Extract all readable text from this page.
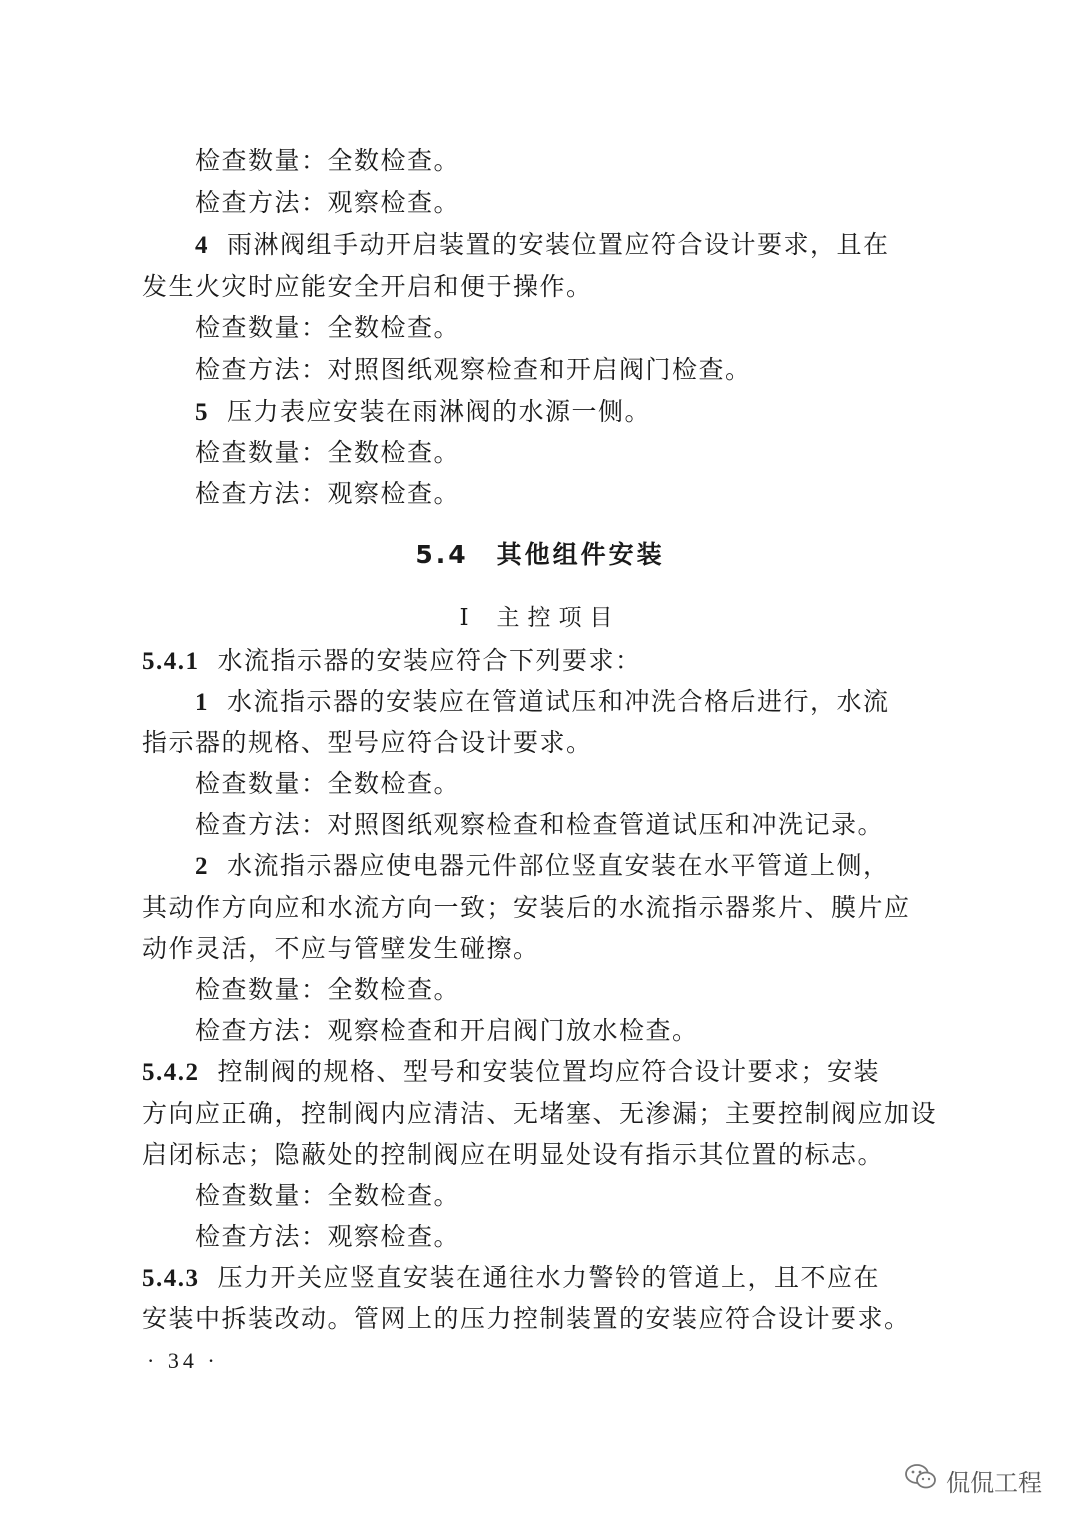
检查数量：全数检查。
检查方法：观察检查。
4 雨淋阀组手动开启装置的安装位置应符合设计要求，且在
发生火灾时应能安全开启和便于操作。
检查数量：全数检查。
检查方法：对照图纸观察检查和开启阀门检查。
5 压力表应安装在雨淋阀的水源一侧。
检查数量：全数检查。
检查方法：观察检查。
5.4 其他组件安装
Ⅰ 主控项目
5.4.1 水流指示器的安装应符合下列要求：
1 水流指示器的安装应在管道试压和冲洗合格后进行，水流
指示器的规格、型号应符合设计要求。
检查数量：全数检查。
检查方法：对照图纸观察检查和检查管道试压和冲洗记录。
2 水流指示器应使电器元件部位竖直安装在水平管道上侧，
其动作方向应和水流方向一致；安装后的水流指示器浆片、膜片应
动作灵活，不应与管壁发生碰擦。
检查数量：全数检查。
检查方法：观察检查和开启阀门放水检查。
5.4.2 控制阀的规格、型号和安装位置均应符合设计要求；安装
方向应正确，控制阀内应清洁、无堵塞、无渗漏；主要控制阀应加设
启闭标志；隐蔽处的控制阀应在明显处设有指示其位置的标志。
检查数量：全数检查。
检查方法：观察检查。
5.4.3 压力开关应竖直安装在通往水力警铃的管道上，且不应在
安装中拆装改动。管网上的压力控制装置的安装应符合设计要求。
· 34 ·
侃侃工程
